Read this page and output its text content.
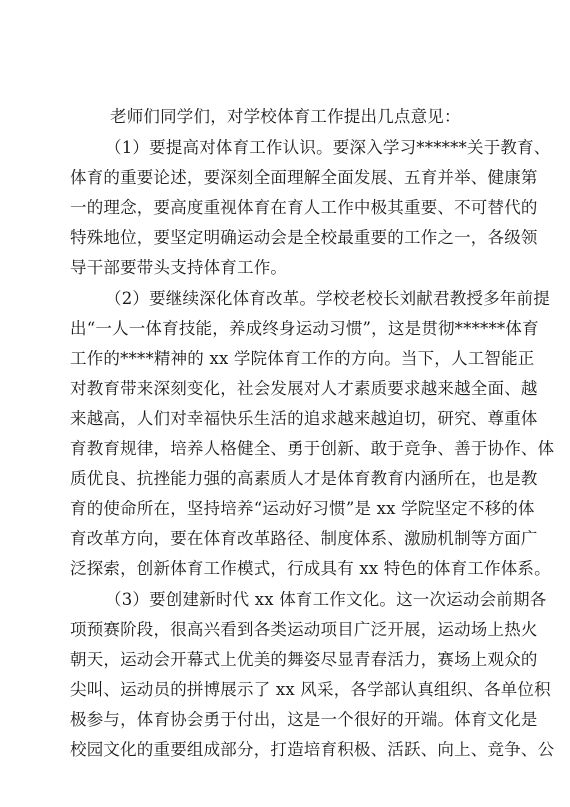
老师们同学们，对学校体育工作提出几点意见：
（1）要提高对体育工作认识。要深入学习******关于教育、
体育的重要论述，要深刻全面理解全面发展、五育并举、健康第
一的理念，要高度重视体育在育人工作中极其重要、不可替代的
特殊地位，要坚定明确运动会是全校最重要的工作之一，各级领
导干部要带头支持体育工作。
（2）要继续深化体育改革。学校老校长刘献君教授多年前提
出“一人一体育技能，养成终身运动习惯”，这是贯彻******体育
工作的****精神的 xx 学院体育工作的方向。当下，人工智能正
对教育带来深刻变化，社会发展对人才素质要求越来越全面、越
来越高，人们对幸福快乐生活的追求越来越迫切，研究、尊重体
育教育规律，培养人格健全、勇于创新、敢于竞争、善于协作、体
质优良、抗挫能力强的高素质人才是体育教育内涵所在，也是教
育的使命所在，坚持培养“运动好习惯”是 xx 学院坚定不移的体
育改革方向，要在体育改革路径、制度体系、激励机制等方面广
泛探索，创新体育工作模式，行成具有 xx 特色的体育工作体系。
（3）要创建新时代 xx 体育工作文化。这一次运动会前期各
项预赛阶段，很高兴看到各类运动项目广泛开展，运动场上热火
朝天，运动会开幕式上优美的舞姿尽显青春活力，赛场上观众的
尖叫、运动员的拼博展示了 xx 风采，各学部认真组织、各单位积
极参与，体育协会勇于付出，这是一个很好的开端。体育文化是
校园文化的重要组成部分，打造培育积极、活跃、向上、竞争、公
